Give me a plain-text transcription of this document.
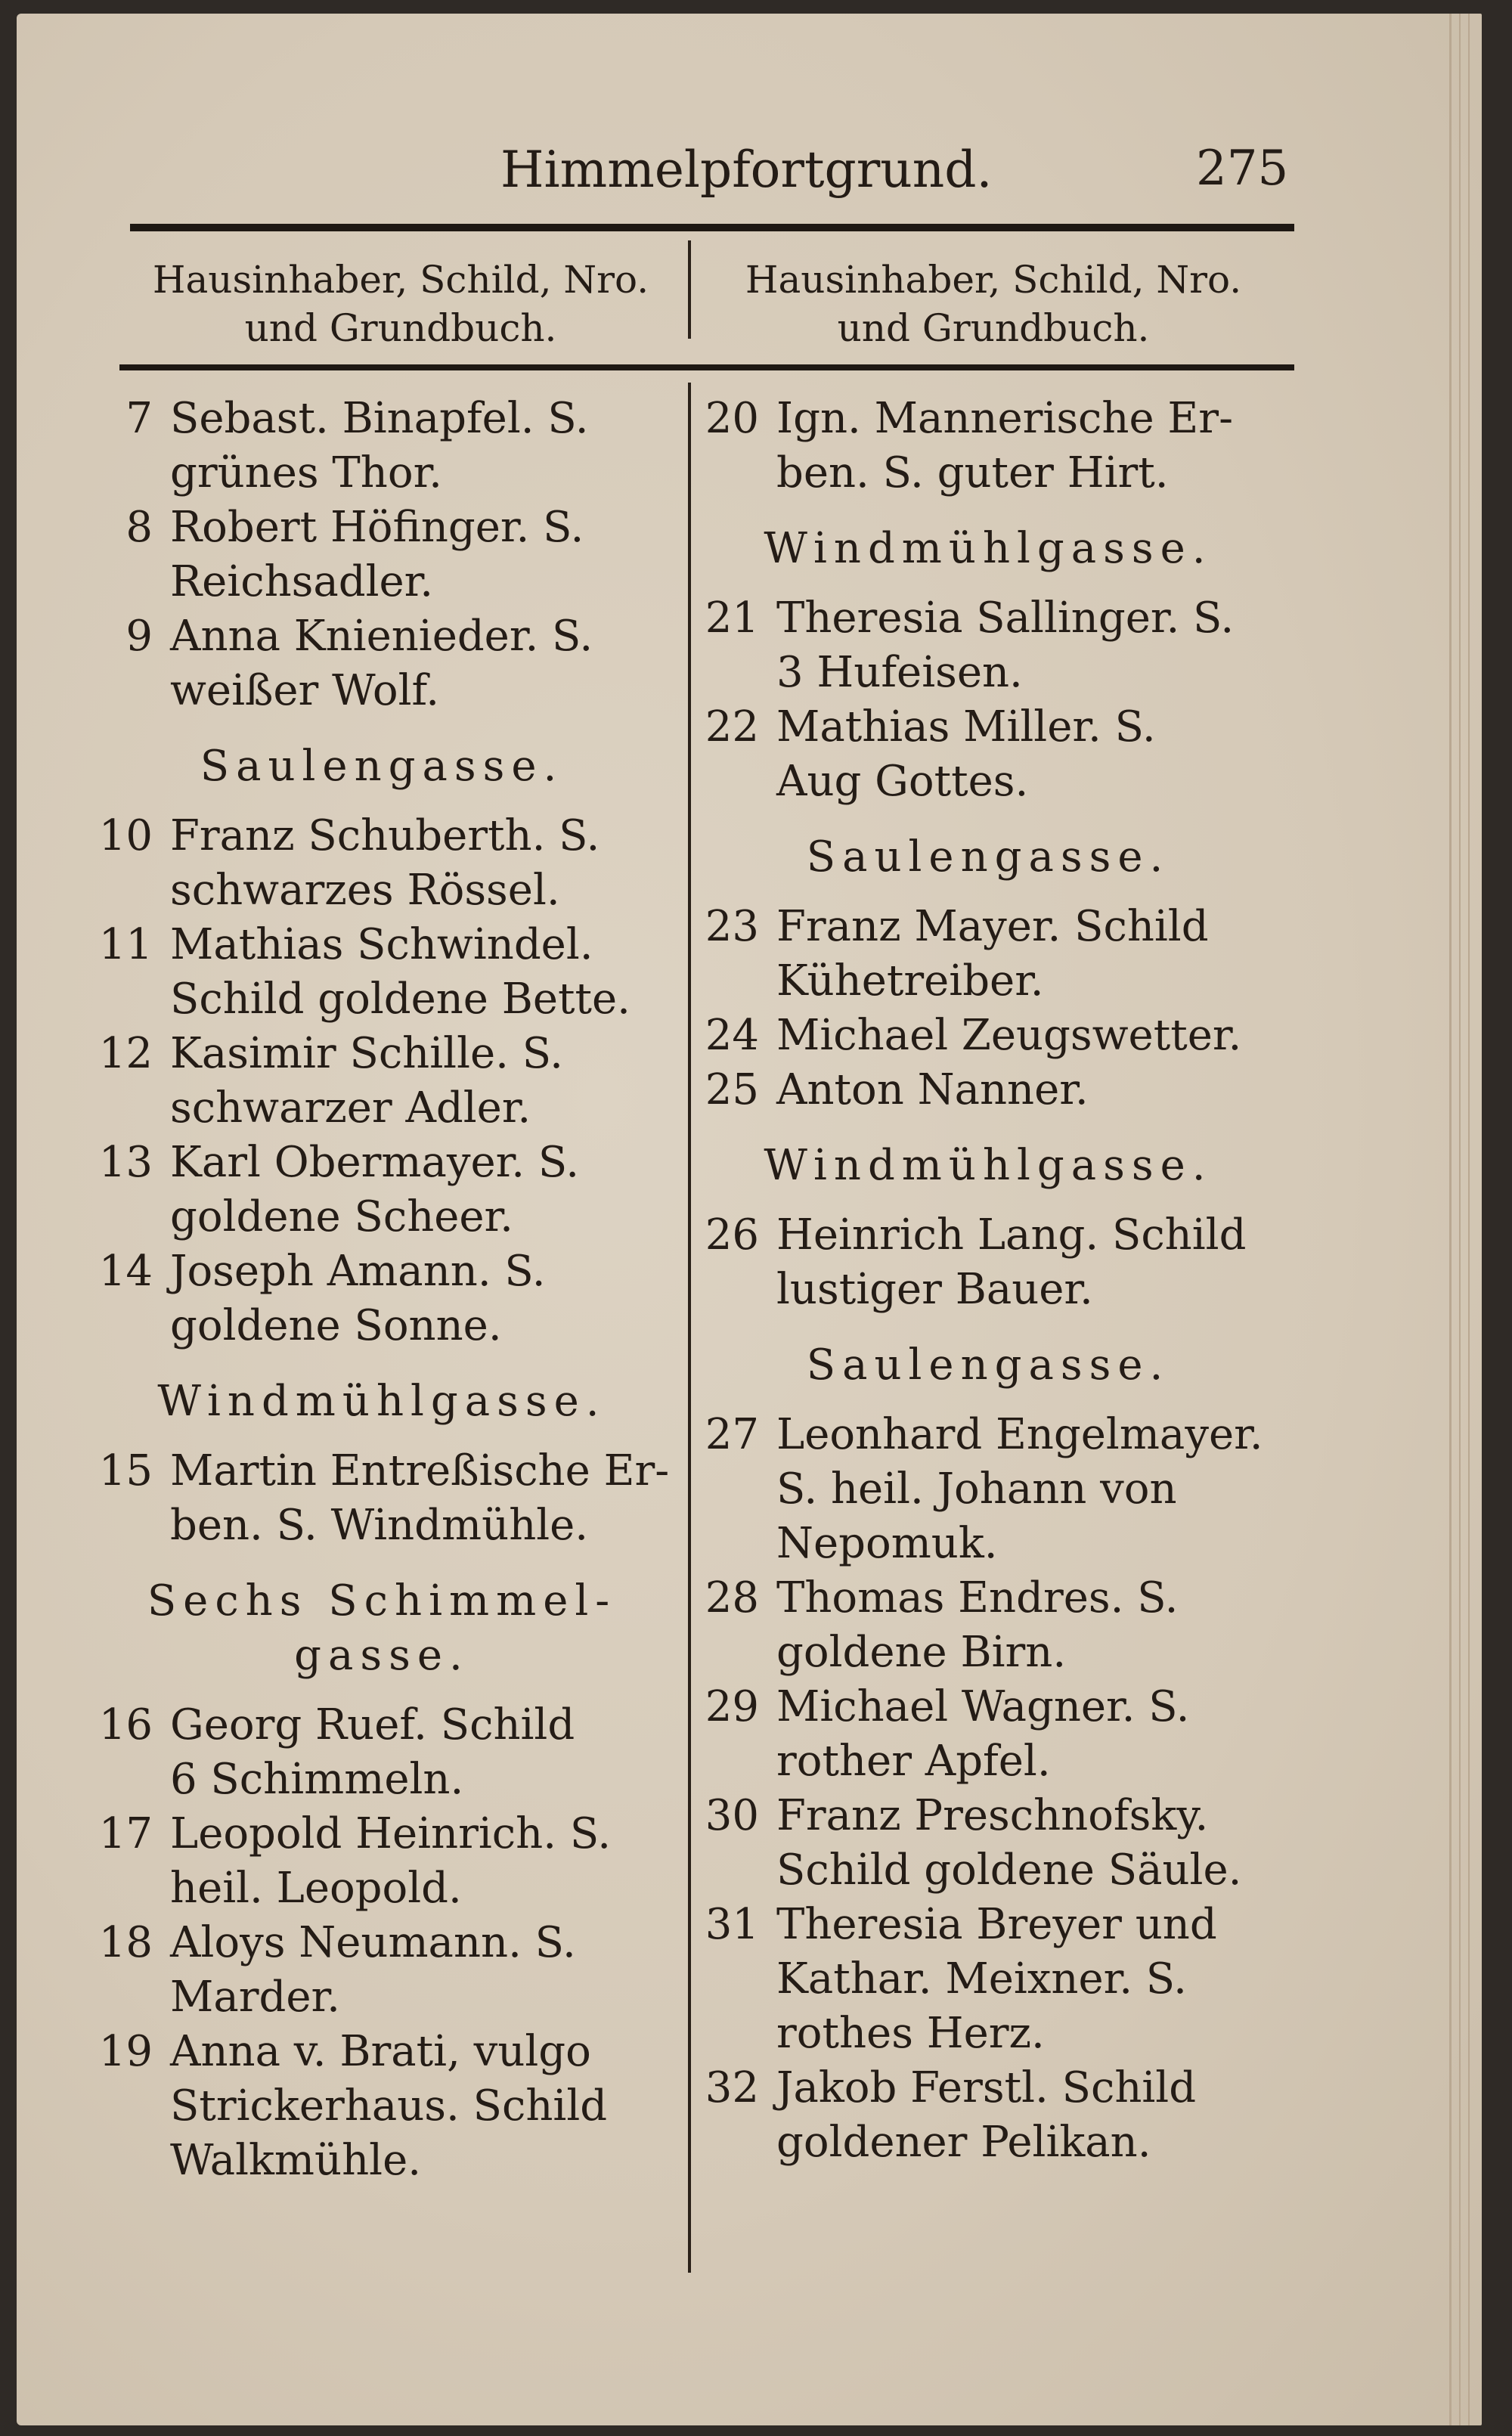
Himmelpfortgrund.	275
Hausinhaber, Schild, Nro.
und Grundbuch.
Hausinhaber, Schild, Nro.
und Grundbuch.
7 Sebast. Binapfel. S.
grünes Thor.
8 Robert Höfinger. S.
Reichsadler.
9 Anna Knienieder. S.
weißer Wolf.
Saulengasse.
10 Franz Schuberth. S.
schwarzes Rössel.
11 Mathias Schwindel.
Schild goldene Bette.
12 Kasimir Schille. S.
schwarzer Adler.
13 Karl Obermayer. S.
goldene Scheer.
14 Joseph Amann. S.
goldene Sonne.
Windmühlgasse.
15 Martin Entreßische Er-
ben. S. Windmühle.
Sechs Schimmel-
gasse.
16 Georg Ruef. Schild
6 Schimmeln.
17 Leopold Heinrich. S.
heil. Leopold.
18 Aloys Neumann. S.
Marder.
19 Anna v. Brati, vulgo
Strickerhaus. Schild
Walkmühle.
20 Ign. Mannerische Er-
ben. S. guter Hirt.
Windmühlgasse.
21 Theresia Sallinger. S.
3 Hufeisen.
22 Mathias Miller. S.
Aug Gottes.
Saulengasse.
23 Franz Mayer. Schild
Kühetreiber.
24 Michael Zeugswetter.
25 Anton Nanner.
Windmühlgasse.
26 Heinrich Lang. Schild
lustiger Bauer.
Saulengasse.
27 Leonhard Engelmayer.
S. heil. Johann von
Nepomuk.
28 Thomas Endres. S.
goldene Birn.
29 Michael Wagner. S.
rother Apfel.
30 Franz Preschnofsky.
Schild goldene Säule.
31 Theresia Breyer und
Kathar. Meixner. S.
rothes Herz.
32 Jakob Ferstl. Schild
goldener Pelikan.
